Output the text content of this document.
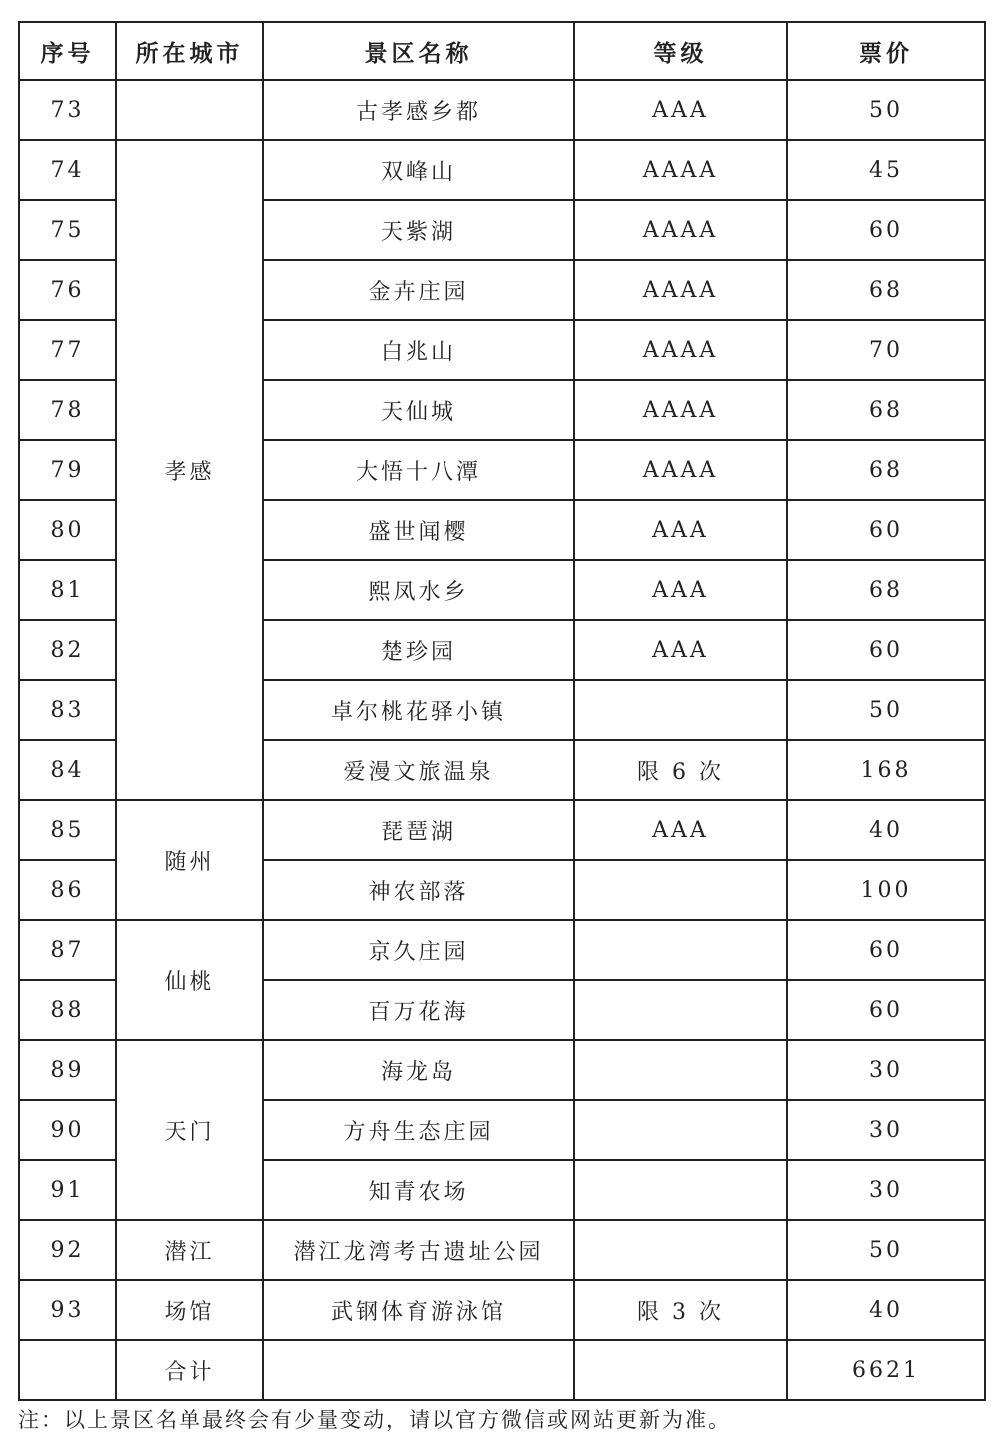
序号	所在城市	景区名称	等级	票价
73		古孝感乡都	AAA	50
74	孝感	双峰山	AAAA	45
75		天紫湖	AAAA	60
76		金卉庄园	AAAA	68
77		白兆山	AAAA	70
78		天仙城	AAAA	68
79		大悟十八潭	AAAA	68
80		盛世闻樱	AAA	60
81		熙凤水乡	AAA	68
82		楚珍园	AAA	60
83		卓尔桃花驿小镇		50
84		爱漫文旅温泉	限 6 次	168
85	随州	琵琶湖	AAA	40
86		神农部落		100
87	仙桃	京久庄园		60
88		百万花海		60
89	天门	海龙岛		30
90		方舟生态庄园		30
91		知青农场		30
92	潜江	潜江龙湾考古遗址公园		50
93	场馆	武钢体育游泳馆	限 3 次	40
	合计			6621
注：以上景区名单最终会有少量变动，请以官方微信或网站更新为准。
